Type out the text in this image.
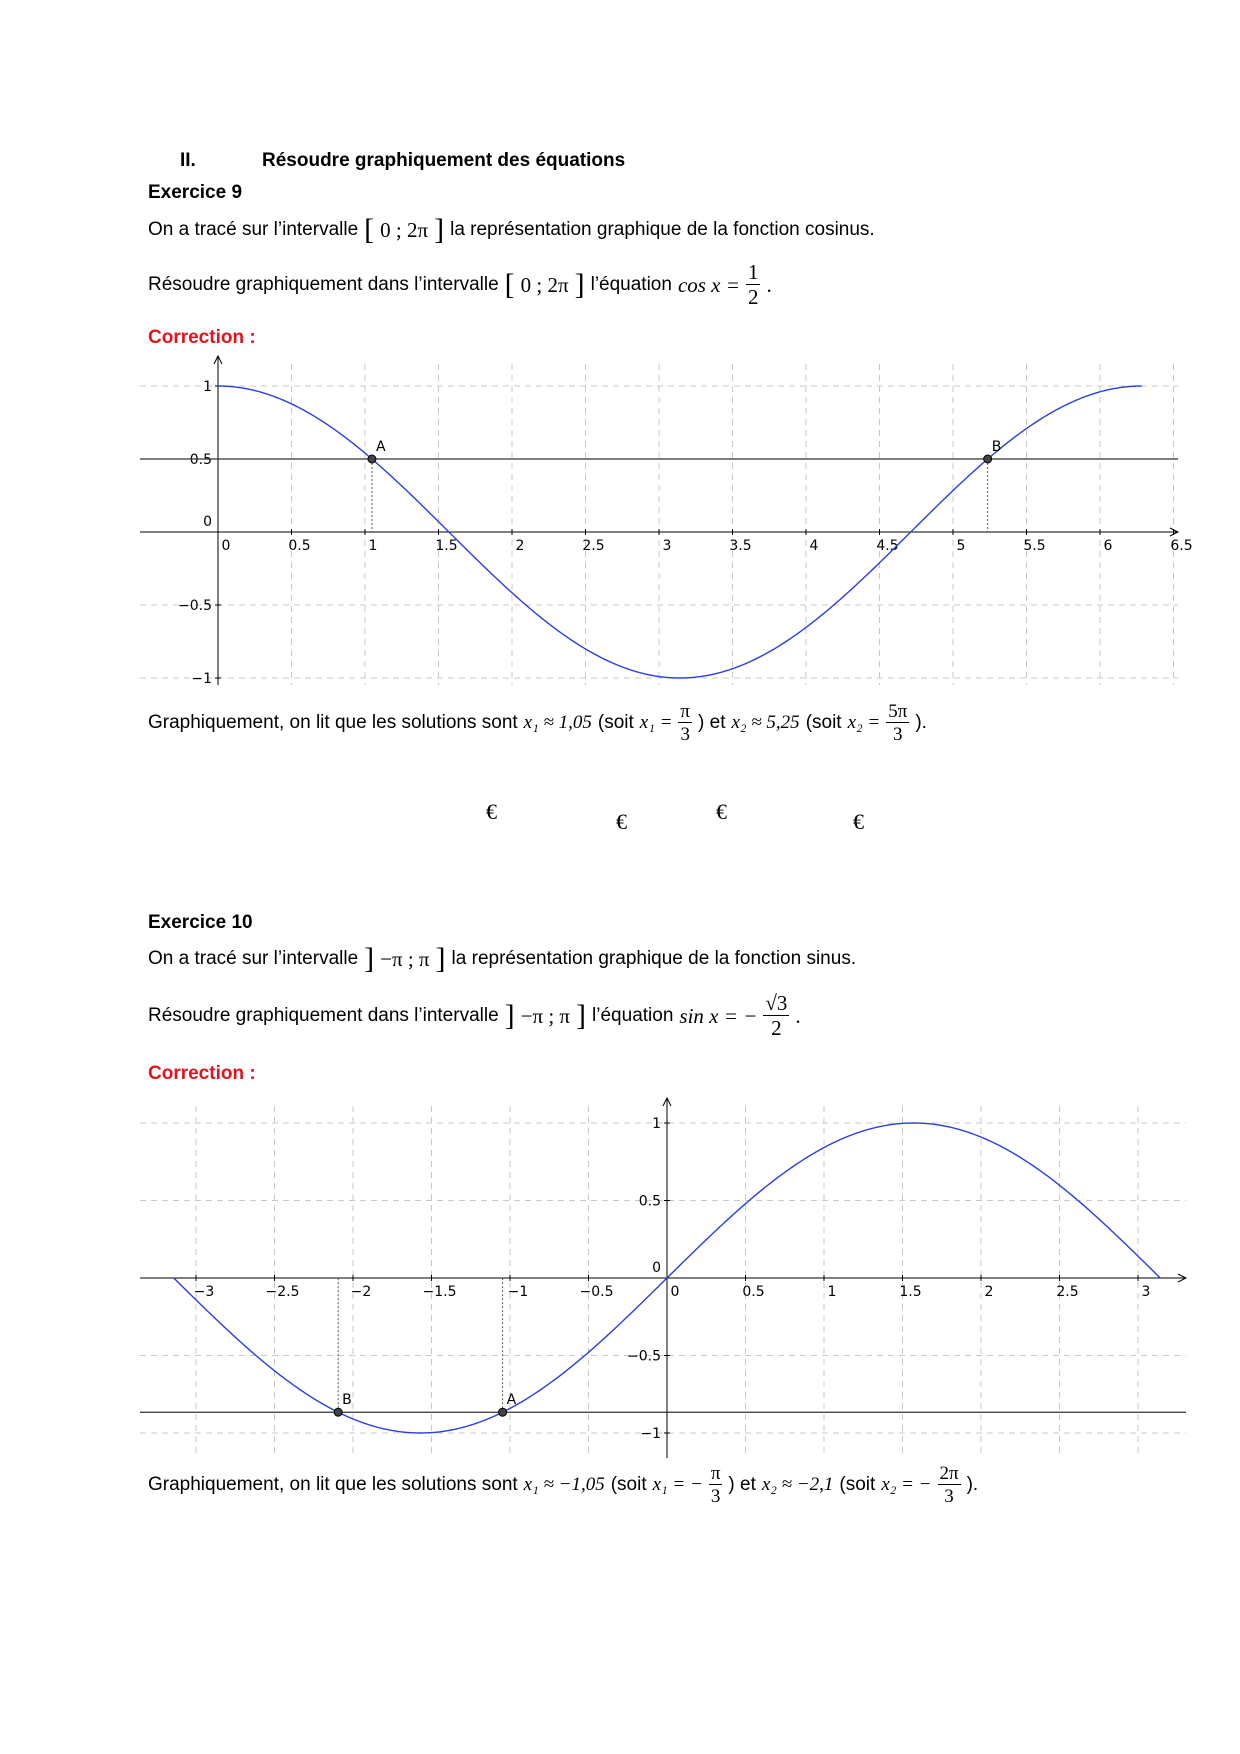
II.	Résoudre graphiquement des équations
Exercice 9
On a tracé sur l’intervalle [ 0 ; 2π ] la représentation graphique de la fonction cosinus.
Résoudre graphiquement dans l’intervalle [ 0 ; 2π ] l’équation $\cos x = \frac{1}{2}$ .
Correction :
0	0.5	1	1.5	2	2.5	3	3.5	4	4.5	5	5.5	6	6.5
−1
−0.5
0.5
1
0
A	B
Graphiquement, on lit que les solutions sont x₁ ≈ 1,05 (soit $x_1 = \frac{\pi}{3}$ ) et x₂ ≈ 5,25 (soit $x_2 = \frac{5\pi}{3}$ ).
€	€	€	€
Exercice 10
On a tracé sur l’intervalle ] −π ; π ] la représentation graphique de la fonction sinus.
Résoudre graphiquement dans l’intervalle ] −π ; π ] l’équation sin x = − $\frac{√3}{2}$ .
Correction :
−3	−2.5	−2	−1.5	−1	−0.5	0	0.5	1	1.5	2	2.5	3
−1
−0.5
0.5
1
0
A
B
Graphiquement, on lit que les solutions sont x₁ ≈ −1,05 (soit x₁ = − $\frac{\pi}{3}$ ) et x₂ ≈ −2,1 (soit x₂ = − $\frac{2\pi}{3}$ ).
